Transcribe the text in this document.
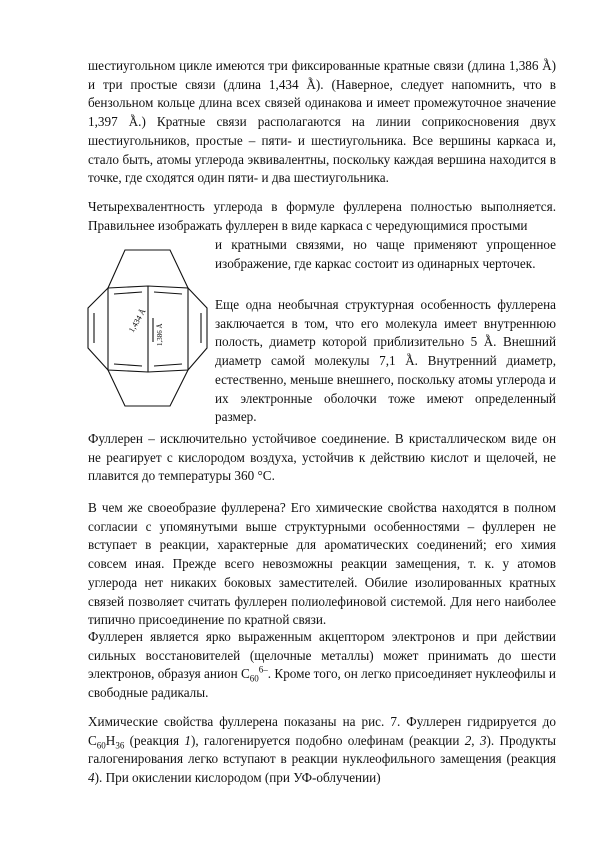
шестиугольном цикле имеются три фиксированные кратные связи (длина 1,386 o Å) и три простые связи (длина 1,434 o Å). (Наверное, следует напомнить, что в бензольном кольце длина всех связей одинакова и имеет промежуточное значение 1,397 o Å.) Кратные связи располагаются на линии соприкосновения двух шестиугольников, простые – пяти- и шестиугольника. Все вершины каркаса и, стало быть, атомы углерода эквивалентны, поскольку каждая вершина находится в точке, где сходятся один пяти- и два шестиугольника.

Четырехвалентность углерода в формуле фуллерена полностью выполняется. Правильнее изображать фуллерен в виде каркаса с чередующимися простыми

и кратными связями, но чаще применяют упрощенное изображение, где каркас состоит из одинарных черточек.

1,434 Å
1,386 Å

Еще одна необычная структурная особенность фуллерена заключается в том, что его молекула имеет внутреннюю полость, диаметр которой приблизительно 5 o Å. Внешний диаметр самой молекулы 7,1 o Å. Внутренний диаметр, естественно, меньше внешнего, поскольку атомы углерода и их электронные оболочки тоже имеют определенный размер.

Фуллерен – исключительно устойчивое соединение. В кристаллическом виде он не реагирует с кислородом воздуха, устойчив к действию кислот и щелочей, не плавится до температуры 360 °С.

В чем же своеобразие фуллерена? Его химические свойства находятся в полном согласии с упомянутыми выше структурными особенностями – фуллерен не вступает в реакции, характерные для ароматических соединений; его химия совсем иная. Прежде всего невозможны реакции замещения, т. к. у атомов углерода нет никаких боковых заместителей. Обилие изолированных кратных связей позволяет считать фуллерен полиолефиновой системой. Для него наиболее типично присоединение по кратной связи.

Фуллерен является ярко выраженным акцептором электронов и при действии сильных восстановителей (щелочные металлы) может принимать до шести электронов, образуя анион $С_{60}^{6-}$. Кроме того, он легко присоединяет нуклеофилы и свободные радикалы.

Химические свойства фуллерена показаны на рис. 7. Фуллерен гидрируется до $С_{60}Н_{36}$ (реакция 1), галогенируется подобно олефинам (реакции 2, 3). Продукты галогенирования легко вступают в реакции нуклеофильного замещения (реакция 4). При окислении кислородом (при УФ-облучении)
